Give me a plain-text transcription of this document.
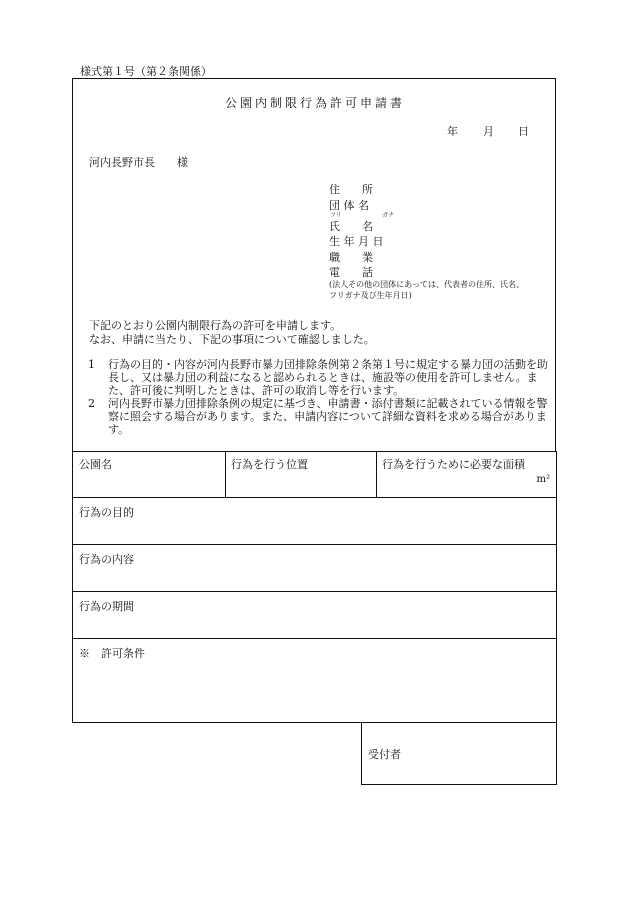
様式第１号（第２条関係）
公園内制限行為許可申請書
年 月 日
河内長野市長　　様
住　　所
団 体 名
フリ	ガナ
氏　　名
生 年 月 日
職　　業
電　　話
(法人その他の団体にあっては、代表者の住所、氏名、
フリガナ及び生年月日)
下記のとおり公園内制限行為の許可を申請します。
なお、申請に当たり、下記の事項について確認しました。
1 行為の目的・内容が河内長野市暴力団排除条例第２条第１号に規定する暴力団の活動を助長し、又は暴力団の利益になると認められるときは、施設等の使用を許可しません。また、許可後に判明したときは、許可の取消し等を行います。
2 河内長野市暴力団排除条例の規定に基づき、申請書・添付書類に記載されている情報を警察に照会する場合があります。また、申請内容について詳細な資料を求める場合があります。
公園名	行為を行う位置	行為を行うために必要な面積
m²
行為の目的
行為の内容
行為の期間
※　許可条件
受付者
